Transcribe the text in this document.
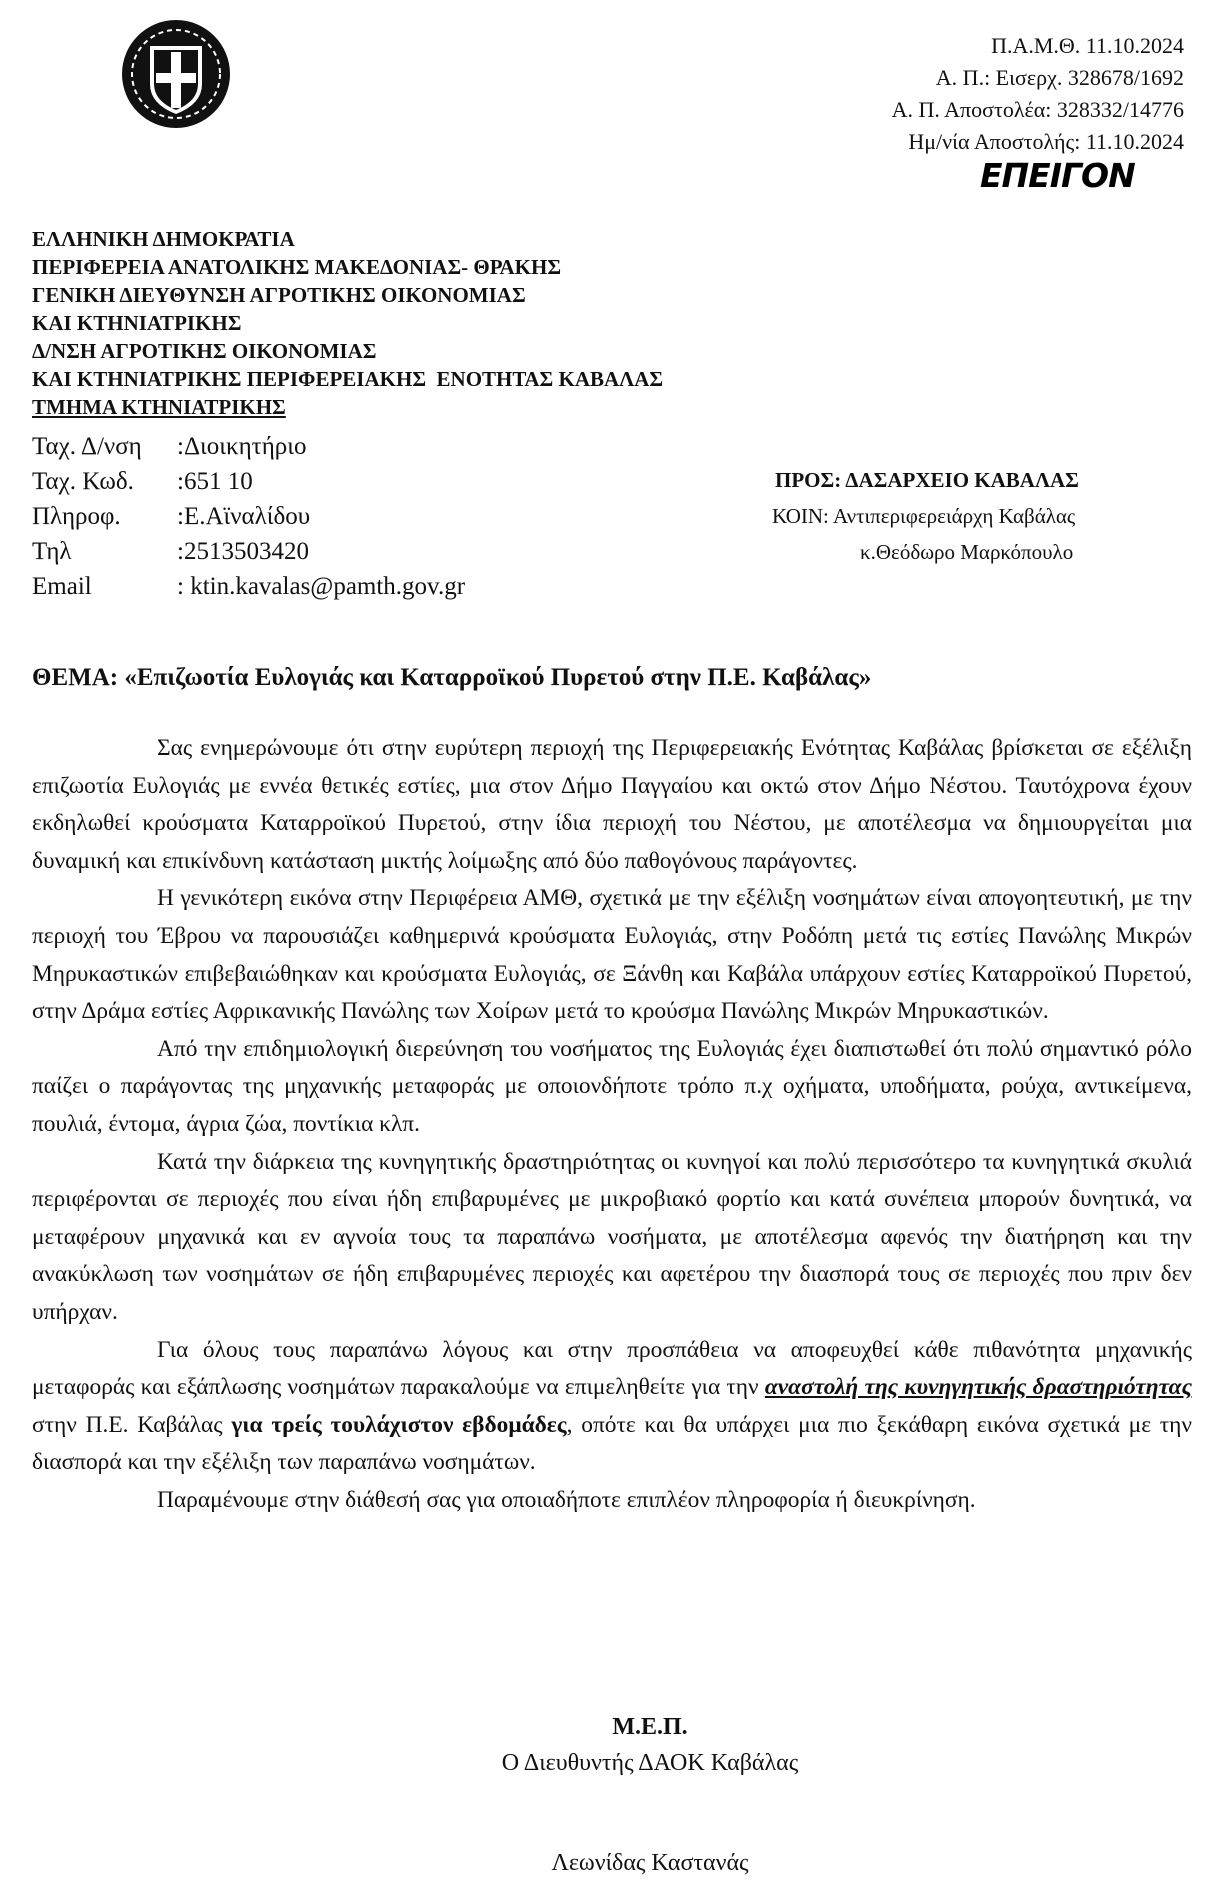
Π.Α.Μ.Θ. 11.10.2024
Α. Π.: Εισερχ. 328678/1692
Α. Π. Αποστολέα: 328332/14776
Ημ/νία Αποστολής: 11.10.2024
ΕΠΕΙΓΟΝ
ΕΛΛΗΝΙΚΗ ΔΗΜΟΚΡΑΤΙΑ
ΠΕΡΙΦΕΡΕΙΑ ΑΝΑΤΟΛΙΚΗΣ ΜΑΚΕΔΟΝΙΑΣ- ΘΡΑΚΗΣ
ΓΕΝΙΚΗ ΔΙΕΥΘΥΝΣΗ ΑΓΡΟΤΙΚΗΣ ΟΙΚΟΝΟΜΙΑΣ
ΚΑΙ ΚΤΗΝΙΑΤΡΙΚΗΣ
Δ/ΝΣΗ ΑΓΡΟΤΙΚΗΣ ΟΙΚΟΝΟΜΙΑΣ
ΚΑΙ ΚΤΗΝΙΑΤΡΙΚΗΣ ΠΕΡΙΦΕΡΕΙΑΚΗΣ  ΕΝΟΤΗΤΑΣ ΚΑΒΑΛΑΣ
ΤΜΗΜΑ ΚΤΗΝΙΑΤΡΙΚΗΣ
Ταχ. Δ/νση	:Διοικητήριο
Ταχ. Κωδ.	:651 10
Πληροφ.	:Ε.Αϊναλίδου
Τηλ	:2513503420
Email	: ktin.kavalas@pamth.gov.gr
ΠΡΟΣ: ΔΑΣΑΡΧΕΙΟ ΚΑΒΑΛΑΣ
ΚΟΙΝ: Αντιπεριφερειάρχη Καβάλας
κ.Θεόδωρο Μαρκόπουλο
ΘΕΜΑ: «Επιζωοτία Ευλογιάς και Καταρροϊκού Πυρετού στην Π.Ε. Καβάλας»

Σας ενημερώνουμε ότι στην ευρύτερη περιοχή της Περιφερειακής Ενότητας Καβάλας βρίσκεται σε εξέλιξη επιζωοτία Ευλογιάς με εννέα θετικές εστίες, μια στον Δήμο Παγγαίου και οκτώ στον Δήμο Νέστου. Ταυτόχρονα έχουν εκδηλωθεί κρούσματα Καταρροϊκού Πυρετού, στην ίδια περιοχή του Νέστου, με αποτέλεσμα να δημιουργείται μια δυναμική και επικίνδυνη κατάσταση μικτής λοίμωξης από δύο παθογόνους παράγοντες.

Η γενικότερη εικόνα στην Περιφέρεια ΑΜΘ, σχετικά με την εξέλιξη νοσημάτων είναι απογοητευτική, με την περιοχή του Έβρου να παρουσιάζει καθημερινά κρούσματα Ευλογιάς, στην Ροδόπη μετά τις εστίες Πανώλης Μικρών Μηρυκαστικών επιβεβαιώθηκαν και κρούσματα Ευλογιάς, σε Ξάνθη και Καβάλα υπάρχουν εστίες Καταρροϊκού Πυρετού, στην Δράμα εστίες Αφρικανικής Πανώλης των Χοίρων μετά το κρούσμα Πανώλης Μικρών Μηρυκαστικών.

Από την επιδημιολογική διερεύνηση του νοσήματος της Ευλογιάς έχει διαπιστωθεί ότι πολύ σημαντικό ρόλο παίζει ο παράγοντας της μηχανικής μεταφοράς με οποιονδήποτε τρόπο π.χ οχήματα, υποδήματα, ρούχα, αντικείμενα, πουλιά, έντομα, άγρια ζώα, ποντίκια κλπ.

Κατά την διάρκεια της κυνηγητικής δραστηριότητας οι κυνηγοί και πολύ περισσότερο τα κυνηγητικά σκυλιά περιφέρονται σε περιοχές που είναι ήδη επιβαρυμένες με μικροβιακό φορτίο και κατά συνέπεια μπορούν δυνητικά, να μεταφέρουν μηχανικά και εν αγνοία τους τα παραπάνω νοσήματα, με αποτέλεσμα αφενός την διατήρηση και την ανακύκλωση των νοσημάτων σε ήδη επιβαρυμένες περιοχές και αφετέρου την διασπορά τους σε περιοχές που πριν δεν υπήρχαν.

Για όλους τους παραπάνω λόγους και στην προσπάθεια να αποφευχθεί κάθε πιθανότητα μηχανικής μεταφοράς και εξάπλωσης νοσημάτων παρακαλούμε να επιμεληθείτε για την αναστολή της κυνηγητικής δραστηριότητας στην Π.Ε. Καβάλας για τρείς τουλάχιστον εβδομάδες, οπότε και θα υπάρχει μια πιο ξεκάθαρη εικόνα σχετικά με την διασπορά και την εξέλιξη των παραπάνω νοσημάτων.

Παραμένουμε στην διάθεσή σας για οποιαδήποτε επιπλέον πληροφορία ή διευκρίνηση.

Μ.Ε.Π.
Ο Διευθυντής ΔΑΟΚ Καβάλας
Λεωνίδας Καστανάς
